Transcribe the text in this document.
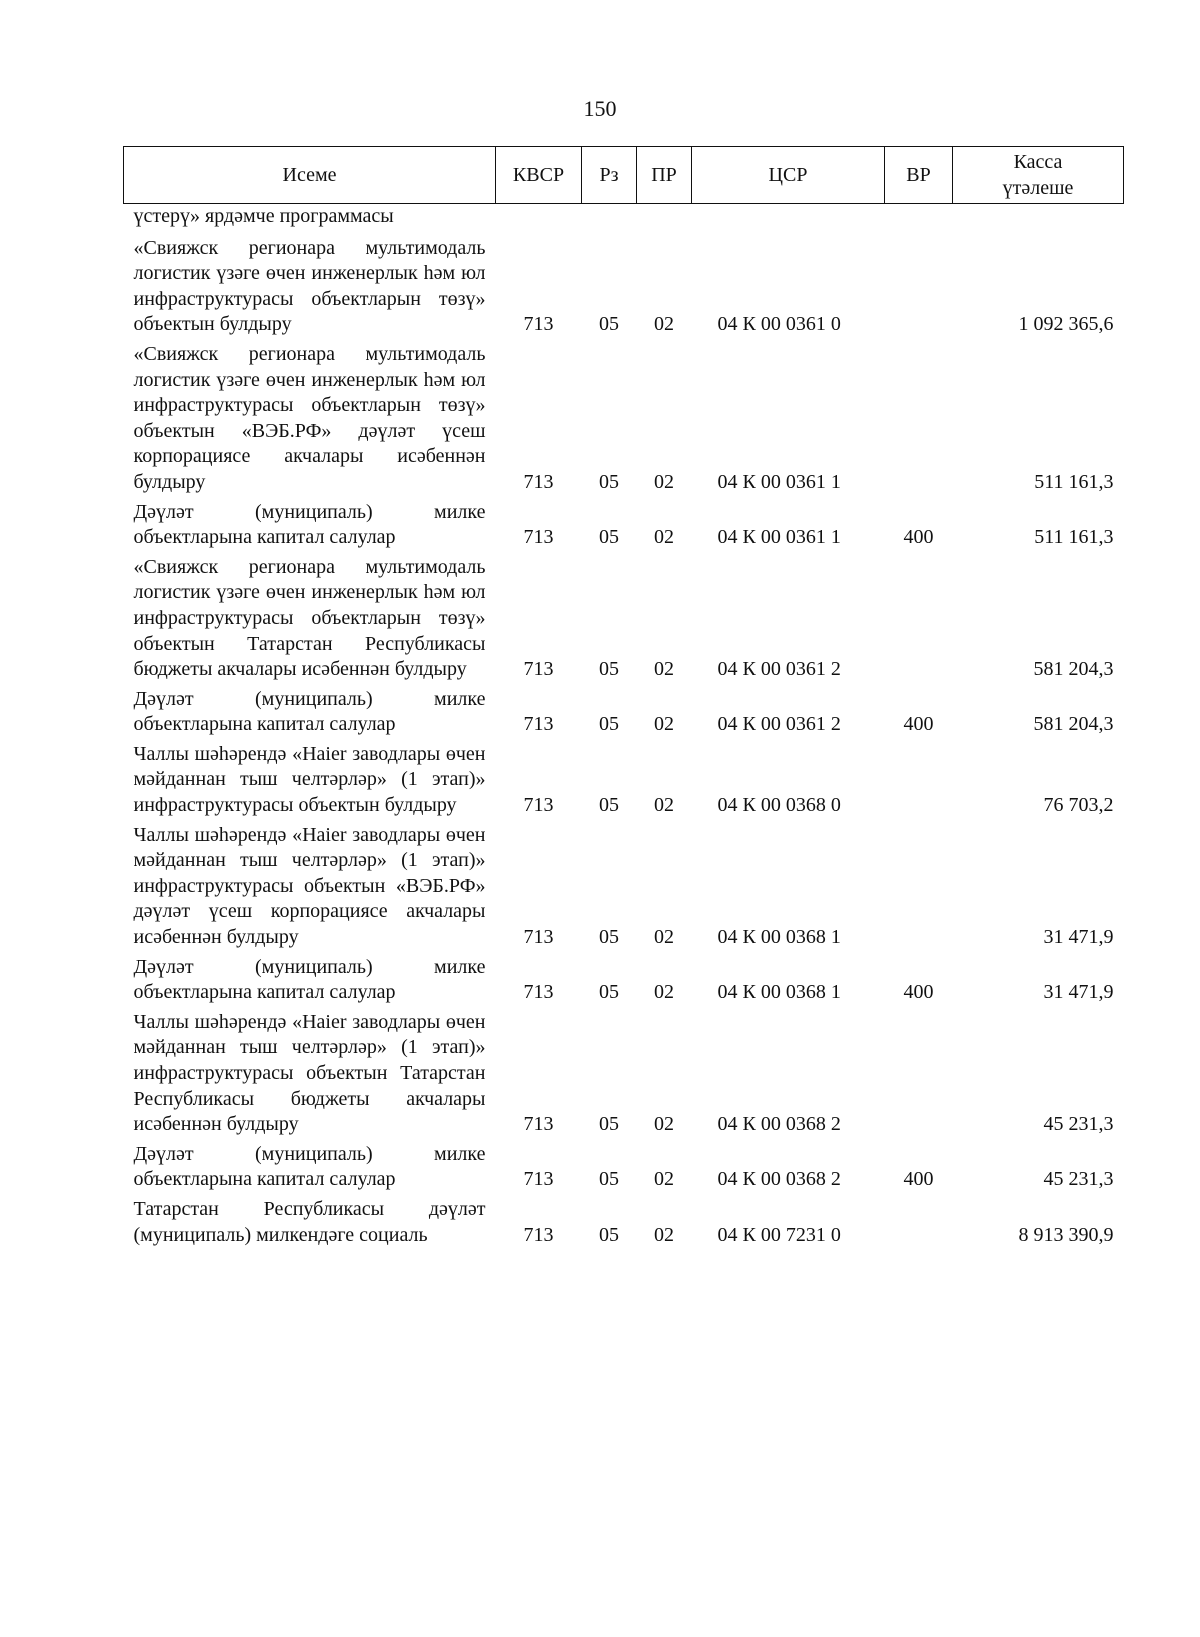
150
Исеме	КВСР	Рз	ПР	ЦСР	ВР	Касса
үтәлеше

үстерү» ярдәмче программасы						
«Свияжск регионара мультимодаль логистик үзәге өчен инженерлык һәм юл инфраструктурасы объектларын төзү» объектын булдыру	713	05	02	04 К 00 0361 0		1 092 365,6
«Свияжск регионара мультимодаль логистик үзәге өчен инженерлык һәм юл инфраструктурасы объектларын төзү» объектын «ВЭБ.РФ» дәүләт үсеш корпорациясе акчалары исәбеннән булдыру	713	05	02	04 К 00 0361 1		511 161,3
Дәүләт (муниципаль) милке объектларына капитал салулар	713	05	02	04 К 00 0361 1	400	511 161,3
«Свияжск регионара мультимодаль логистик үзәге өчен инженерлык һәм юл инфраструктурасы объектларын төзү» объектын Татарстан Республикасы бюджеты акчалары исәбеннән булдыру	713	05	02	04 К 00 0361 2		581 204,3
Дәүләт (муниципаль) милке объектларына капитал салулар	713	05	02	04 К 00 0361 2	400	581 204,3
Чаллы шәһәрендә «Haier заводлары өчен мәйданнан тыш челтәрләр» (1 этап)» инфраструктурасы объектын булдыру	713	05	02	04 К 00 0368 0		76 703,2
Чаллы шәһәрендә «Haier заводлары өчен мәйданнан тыш челтәрләр» (1 этап)» инфраструктурасы объектын «ВЭБ.РФ» дәүләт үсеш корпорациясе акчалары исәбеннән булдыру	713	05	02	04 К 00 0368 1		31 471,9
Дәүләт (муниципаль) милке объектларына капитал салулар	713	05	02	04 К 00 0368 1	400	31 471,9
Чаллы шәһәрендә «Haier заводлары өчен мәйданнан тыш челтәрләр» (1 этап)» инфраструктурасы объектын Татарстан Республикасы бюджеты акчалары исәбеннән булдыру	713	05	02	04 К 00 0368 2		45 231,3
Дәүләт (муниципаль) милке объектларына капитал салулар	713	05	02	04 К 00 0368 2	400	45 231,3
Татарстан Республикасы дәүләт (муниципаль) милкендәге социаль	713	05	02	04 К 00 7231 0		8 913 390,9
